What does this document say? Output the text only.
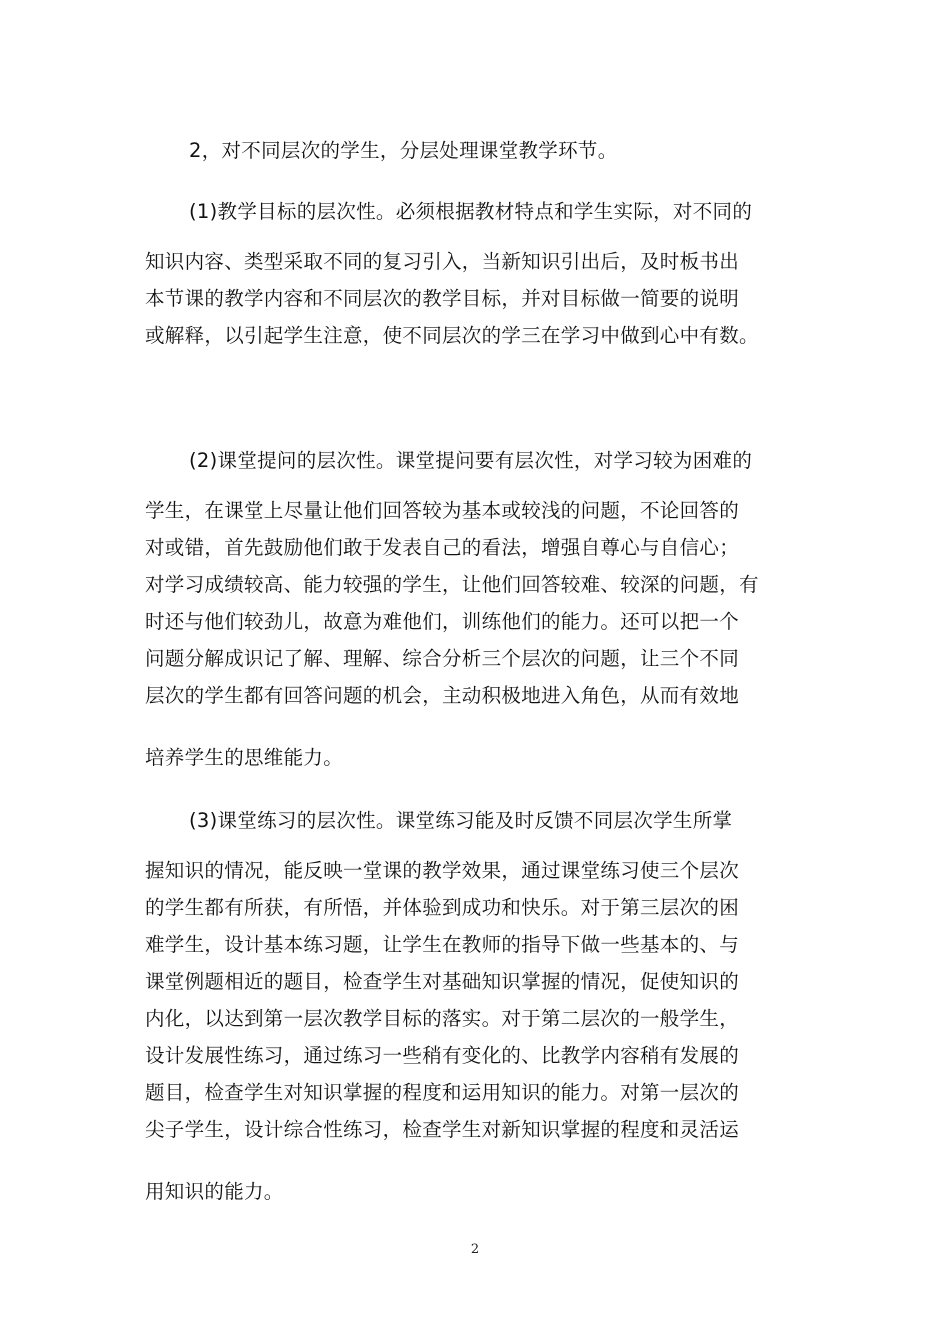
2，对不同层次的学生，分层处理课堂教学环节。
(1)教学目标的层次性。必须根据教材特点和学生实际，对不同的
知识内容、类型采取不同的复习引入，当新知识引出后，及时板书出
本节课的教学内容和不同层次的教学目标，并对目标做一简要的说明
或解释，以引起学生注意，使不同层次的学三在学习中做到心中有数。
(2)课堂提问的层次性。课堂提问要有层次性，对学习较为困难的
学生，在课堂上尽量让他们回答较为基本或较浅的问题，不论回答的
对或错，首先鼓励他们敢于发表自己的看法，增强自尊心与自信心；
对学习成绩较高、能力较强的学生，让他们回答较难、较深的问题，有
时还与他们较劲儿，故意为难他们，训练他们的能力。还可以把一个
问题分解成识记了解、理解、综合分析三个层次的问题，让三个不同
层次的学生都有回答问题的机会，主动积极地进入角色，从而有效地
培养学生的思维能力。
(3)课堂练习的层次性。课堂练习能及时反馈不同层次学生所掌
握知识的情况，能反映一堂课的教学效果，通过课堂练习使三个层次
的学生都有所获，有所悟，并体验到成功和快乐。对于第三层次的困
难学生，设计基本练习题，让学生在教师的指导下做一些基本的、与
课堂例题相近的题目，检查学生对基础知识掌握的情况，促使知识的
内化，以达到第一层次教学目标的落实。对于第二层次的一般学生，
设计发展性练习，通过练习一些稍有变化的、比教学内容稍有发展的
题目，检查学生对知识掌握的程度和运用知识的能力。对第一层次的
尖子学生，设计综合性练习，检查学生对新知识掌握的程度和灵活运
用知识的能力。
2
